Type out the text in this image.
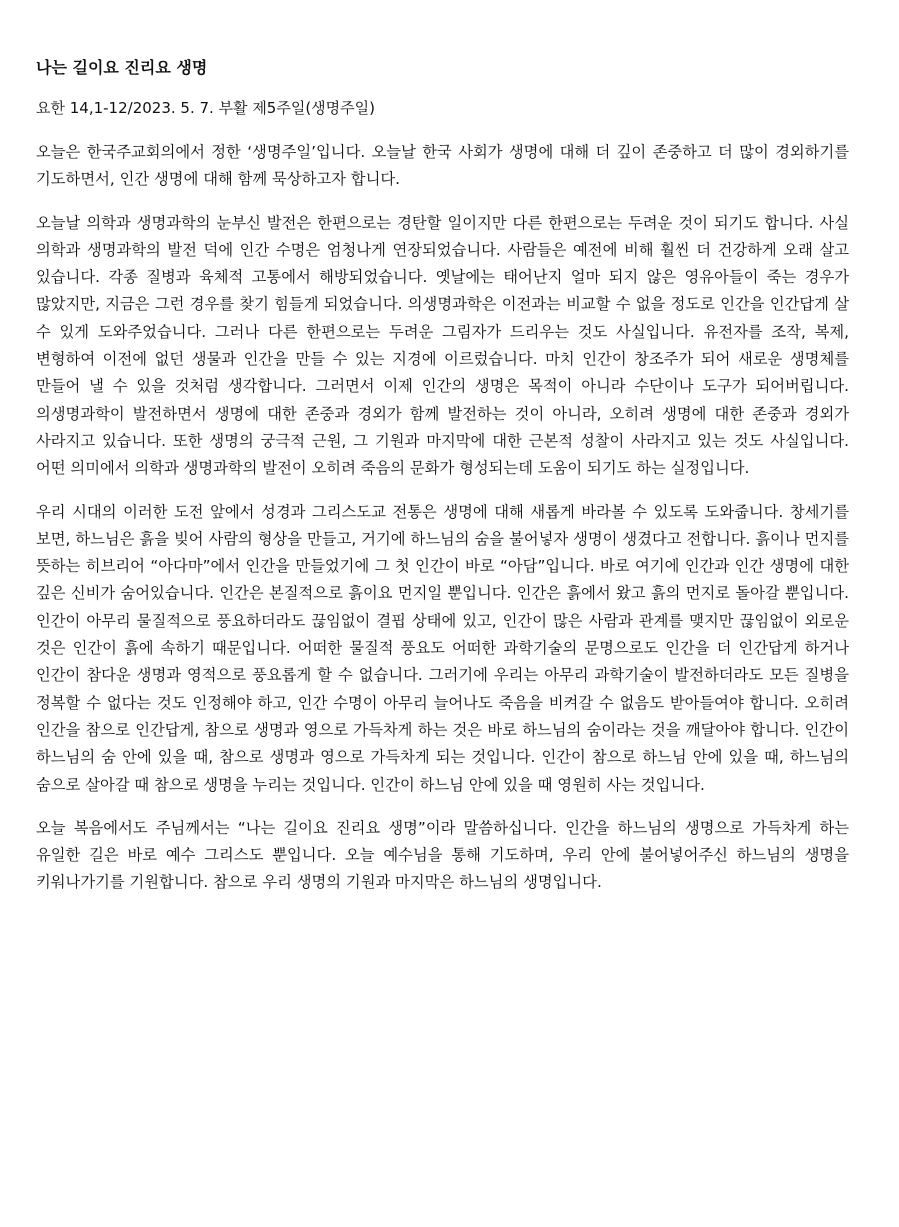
나는 길이요 진리요 생명
요한 14,1-12/2023. 5. 7. 부활 제5주일(생명주일)

오늘은 한국주교회의에서 정한 ‘생명주일’입니다. 오늘날 한국 사회가 생명에 대해 더 깊이 존중하고 더 많이 경외하기를 기도하면서, 인간 생명에 대해 함께 묵상하고자 합니다.

오늘날 의학과 생명과학의 눈부신 발전은 한편으로는 경탄할 일이지만 다른 한편으로는 두려운 것이 되기도 합니다. 사실 의학과 생명과학의 발전 덕에 인간 수명은 엄청나게 연장되었습니다. 사람들은 예전에 비해 훨씬 더 건강하게 오래 살고 있습니다. 각종 질병과 육체적 고통에서 해방되었습니다. 옛날에는 태어난지 얼마 되지 않은 영유아들이 죽는 경우가 많았지만, 지금은 그런 경우를 찾기 힘들게 되었습니다. 의생명과학은 이전과는 비교할 수 없을 정도로 인간을 인간답게 살 수 있게 도와주었습니다. 그러나 다른 한편으로는 두려운 그림자가 드리우는 것도 사실입니다. 유전자를 조작, 복제, 변형하여 이전에 없던 생물과 인간을 만들 수 있는 지경에 이르렀습니다. 마치 인간이 창조주가 되어 새로운 생명체를 만들어 낼 수 있을 것처럼 생각합니다. 그러면서 이제 인간의 생명은 목적이 아니라 수단이나 도구가 되어버립니다. 의생명과학이 발전하면서 생명에 대한 존중과 경외가 함께 발전하는 것이 아니라, 오히려 생명에 대한 존중과 경외가 사라지고 있습니다. 또한 생명의 궁극적 근원, 그 기원과 마지막에 대한 근본적 성찰이 사라지고 있는 것도 사실입니다. 어떤 의미에서 의학과 생명과학의 발전이 오히려 죽음의 문화가 형성되는데 도움이 되기도 하는 실정입니다.

우리 시대의 이러한 도전 앞에서 성경과 그리스도교 전통은 생명에 대해 새롭게 바라볼 수 있도록 도와줍니다. 창세기를 보면, 하느님은 흙을 빚어 사람의 형상을 만들고, 거기에 하느님의 숨을 불어넣자 생명이 생겼다고 전합니다. 흙이나 먼지를 뜻하는 히브리어 “아다마”에서 인간을 만들었기에 그 첫 인간이 바로 “아담”입니다. 바로 여기에 인간과 인간 생명에 대한 깊은 신비가 숨어있습니다. 인간은 본질적으로 흙이요 먼지일 뿐입니다. 인간은 흙에서 왔고 흙의 먼지로 돌아갈 뿐입니다. 인간이 아무리 물질적으로 풍요하더라도 끊임없이 결핍 상태에 있고, 인간이 많은 사람과 관계를 맺지만 끊임없이 외로운 것은 인간이 흙에 속하기 때문입니다. 어떠한 물질적 풍요도 어떠한 과학기술의 문명으로도 인간을 더 인간답게 하거나 인간이 참다운 생명과 영적으로 풍요롭게 할 수 없습니다. 그러기에 우리는 아무리 과학기술이 발전하더라도 모든 질병을 정복할 수 없다는 것도 인정해야 하고, 인간 수명이 아무리 늘어나도 죽음을 비켜갈 수 없음도 받아들여야 합니다. 오히려 인간을 참으로 인간답게, 참으로 생명과 영으로 가득차게 하는 것은 바로 하느님의 숨이라는 것을 깨달아야 합니다. 인간이 하느님의 숨 안에 있을 때, 참으로 생명과 영으로 가득차게 되는 것입니다. 인간이 참으로 하느님 안에 있을 때, 하느님의 숨으로 살아갈 때 참으로 생명을 누리는 것입니다. 인간이 하느님 안에 있을 때 영원히 사는 것입니다.

오늘 복음에서도 주님께서는 “나는 길이요 진리요 생명”이라 말씀하십니다. 인간을 하느님의 생명으로 가득차게 하는 유일한 길은 바로 예수 그리스도 뿐입니다. 오늘 예수님을 통해 기도하며, 우리 안에 불어넣어주신 하느님의 생명을 키워나가기를 기원합니다. 참으로 우리 생명의 기원과 마지막은 하느님의 생명입니다.
